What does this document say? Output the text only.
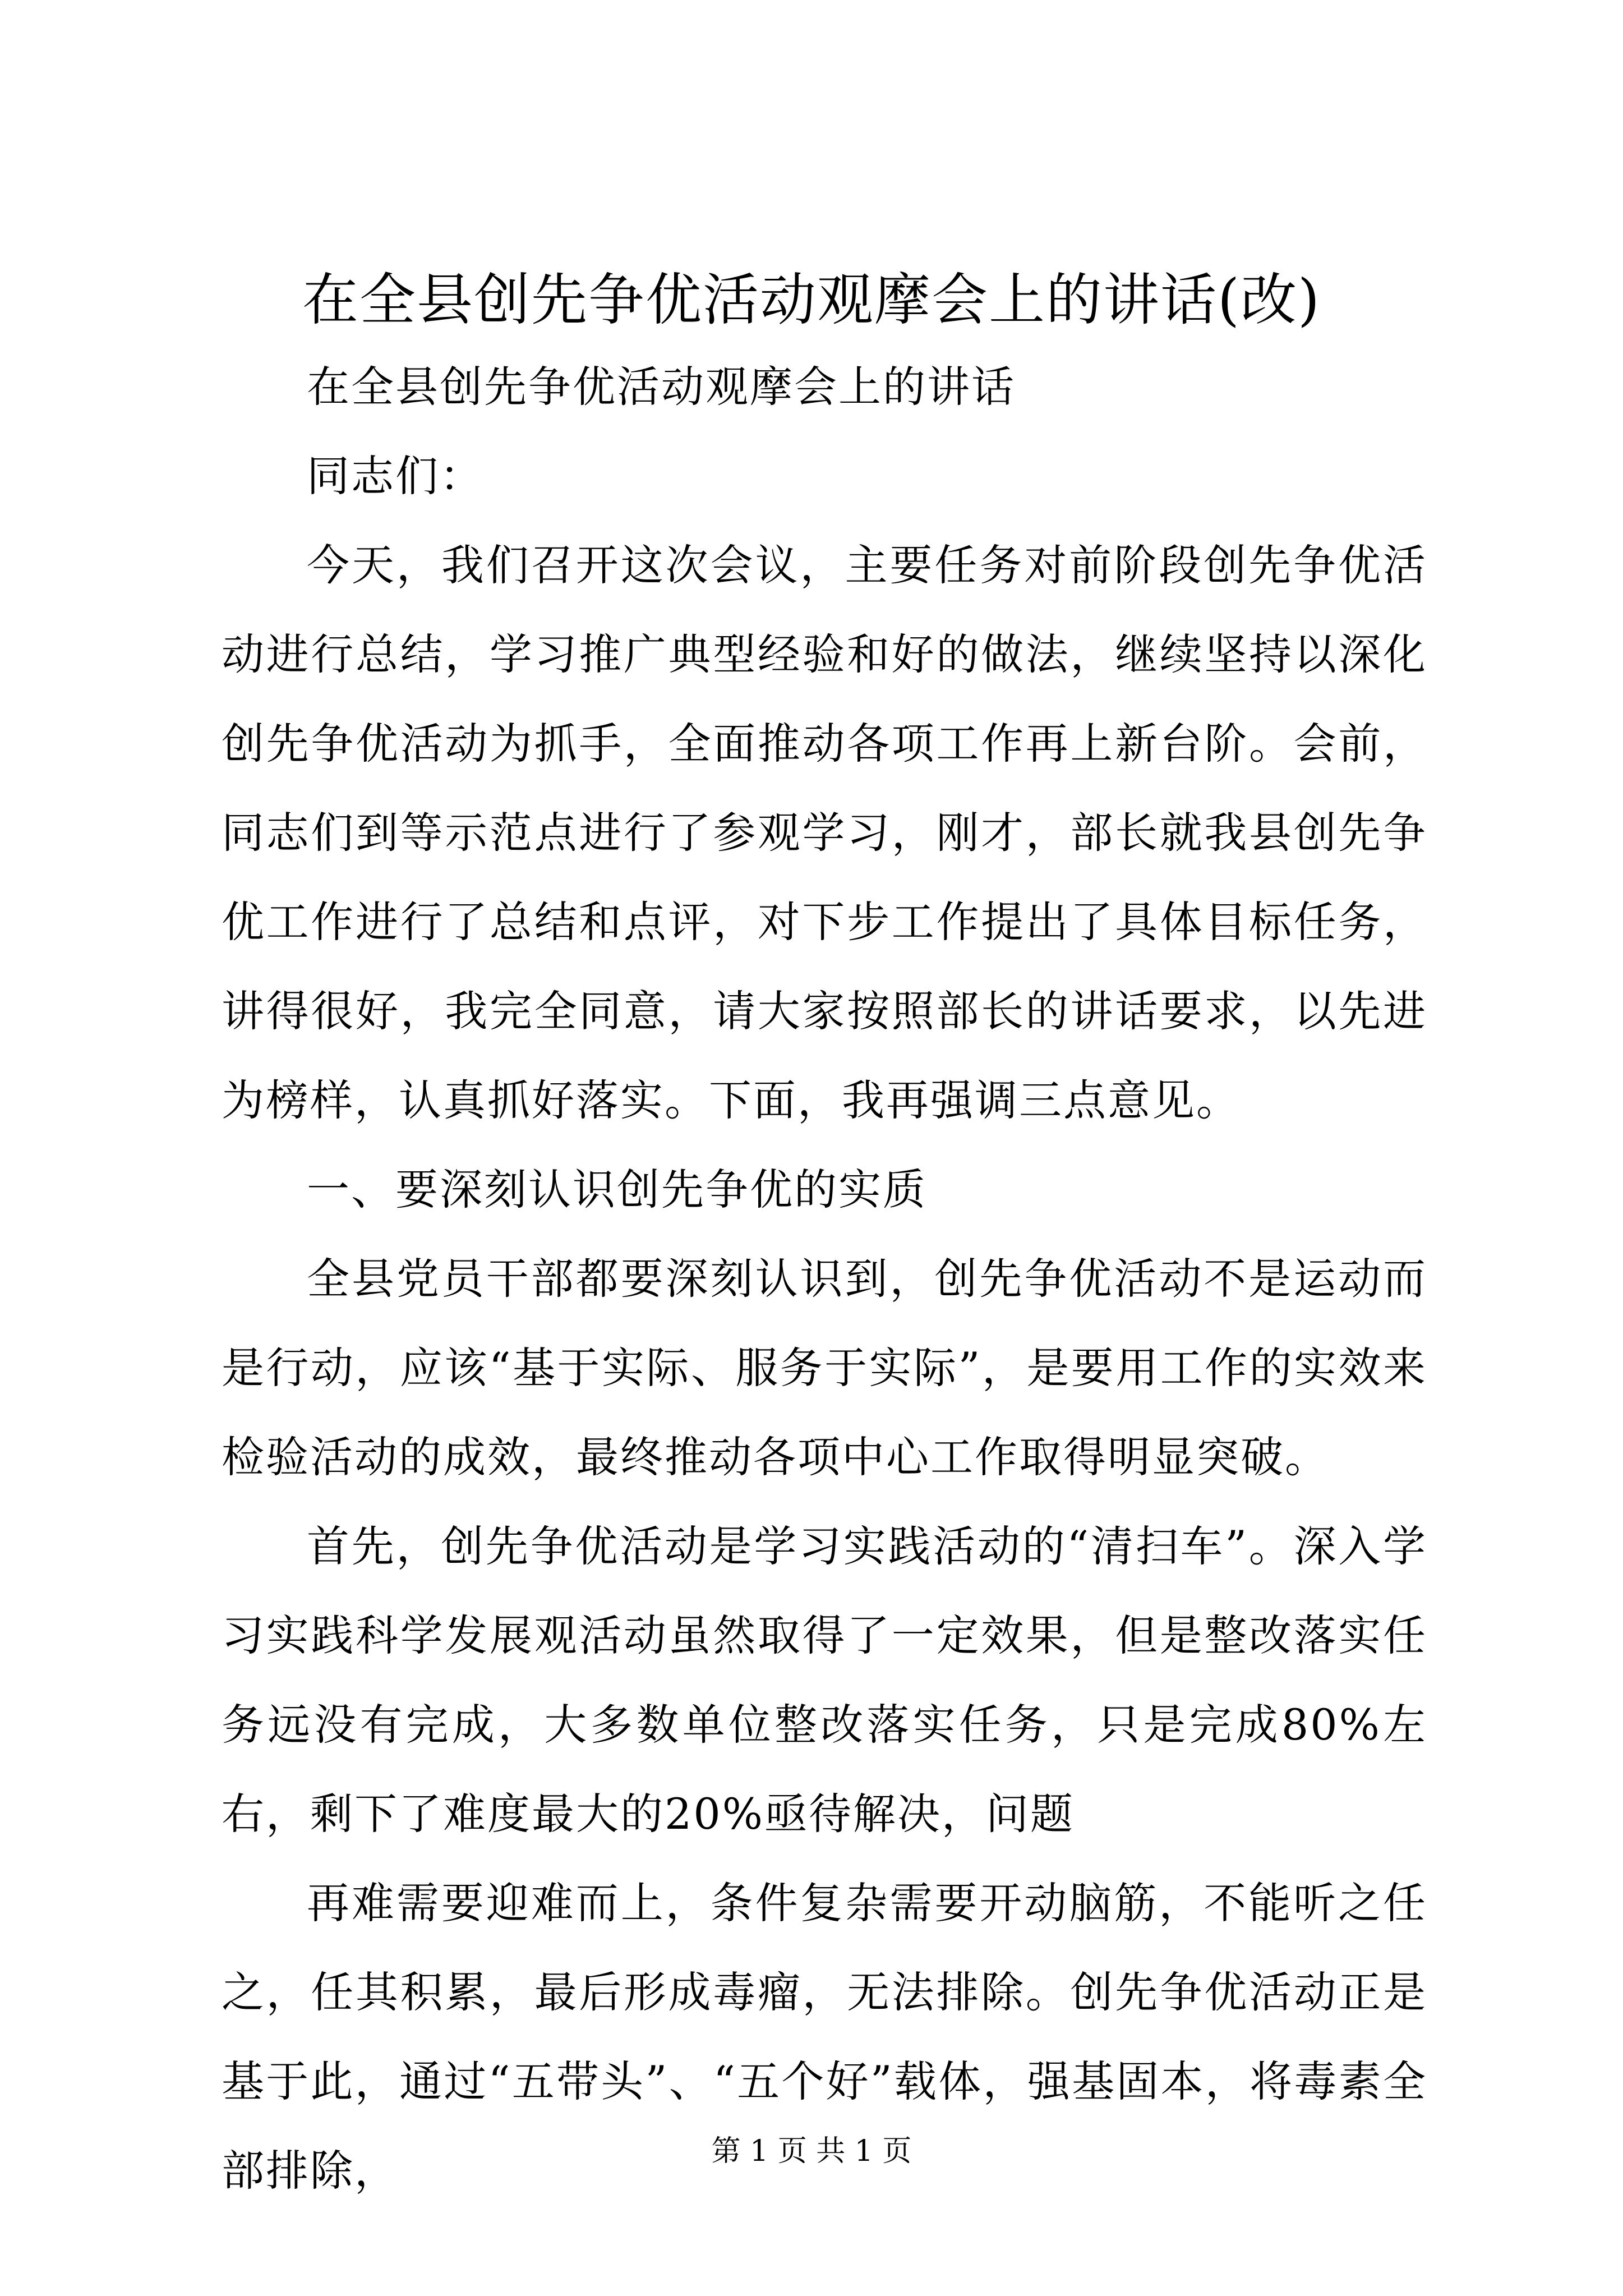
在全县创先争优活动观摩会上的讲话(改)

在全县创先争优活动观摩会上的讲话

同志们：

今天，我们召开这次会议，主要任务对前阶段创先争优活动进行总结，学习推广典型经验和好的做法，继续坚持以深化创先争优活动为抓手，全面推动各项工作再上新台阶。会前，同志们到等示范点进行了参观学习，刚才，部长就我县创先争优工作进行了总结和点评，对下步工作提出了具体目标任务，讲得很好，我完全同意，请大家按照部长的讲话要求，以先进为榜样，认真抓好落实。下面，我再强调三点意见。

一、要深刻认识创先争优的实质

全县党员干部都要深刻认识到，创先争优活动不是运动而是行动，应该“基于实际、服务于实际”，是要用工作的实效来检验活动的成效，最终推动各项中心工作取得明显突破。

首先，创先争优活动是学习实践活动的“清扫车”。深入学习实践科学发展观活动虽然取得了一定效果，但是整改落实任务远没有完成，大多数单位整改落实任务，只是完成80%左右，剩下了难度最大的20%亟待解决，问题

再难需要迎难而上，条件复杂需要开动脑筋，不能听之任之，任其积累，最后形成毒瘤，无法排除。创先争优活动正是基于此，通过“五带头”、“五个好”载体，强基固本，将毒素全部排除，	第 1 页 共 1 页
